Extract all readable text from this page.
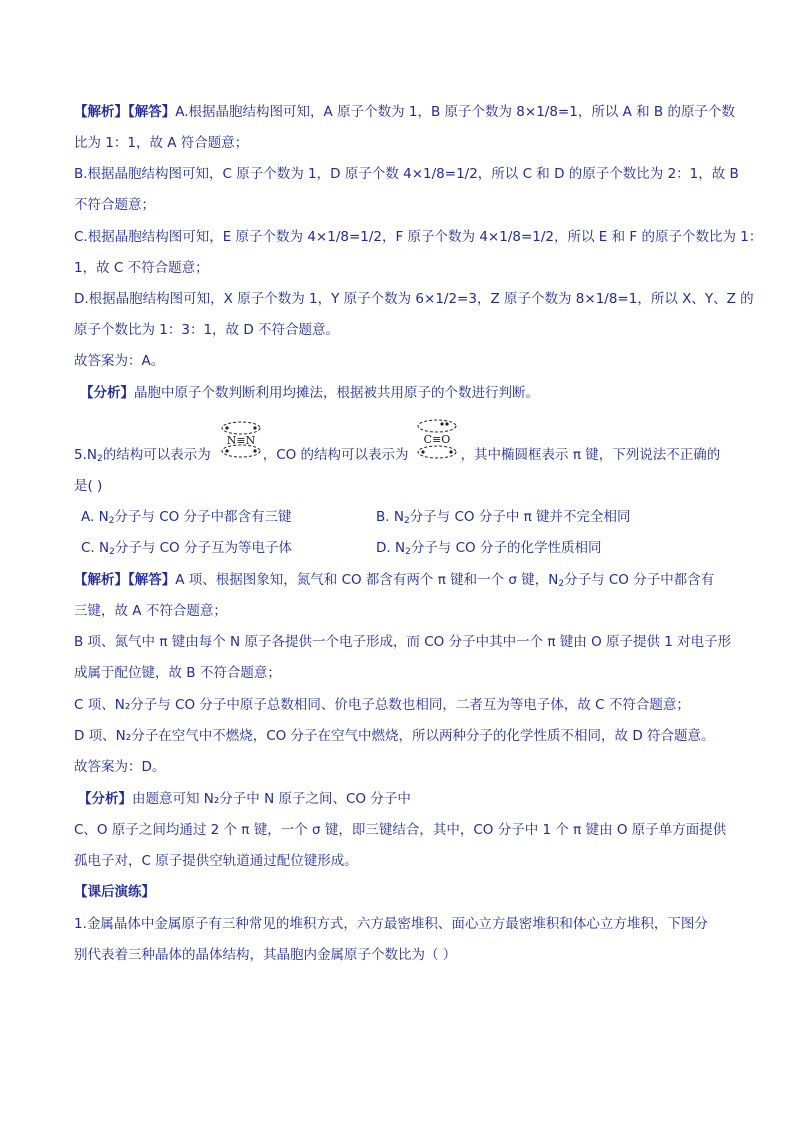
【解析】【解答】A.根据晶胞结构图可知，A 原子个数为 1，B 原子个数为 8×1/8=1，所以 A 和 B 的原子个数
比为 1：1，故 A 符合题意；
B.根据晶胞结构图可知，C 原子个数为 1，D 原子个数 4×1/8=1/2，所以 C 和 D 的原子个数比为 2：1，故 B
不符合题意；
C.根据晶胞结构图可知，E 原子个数为 4×1/8=1/2，F 原子个数为 4×1/8=1/2，所以 E 和 F 的原子个数比为 1：
1，故 C 不符合题意；
D.根据晶胞结构图可知，X 原子个数为 1，Y 原子个数为 6×1/2=3，Z 原子个数为 8×1/8=1，所以 X、Y、Z 的
原子个数比为 1：3：1，故 D 不符合题意。
故答案为：A。
【分析】晶胞中原子个数判断利用均摊法，根据被共用原子的个数进行判断。
$5.N_2$的结构可以表示为	，CO 的结构可以表示为	，其中椭圆框表示 π 键，下列说法不正确的
N≡N	C≡O
是( )
A. $N_2$分子与 CO 分子中都含有三键	B. $N_2$分子与 CO 分子中 π 键并不完全相同
C. $N_2$分子与 CO 分子互为等电子体	D. $N_2$分子与 CO 分子的化学性质相同
【解析】【解答】A 项、根据图象知，氮气和 CO 都含有两个 π 键和一个 σ 键，$N_2$分子与 CO 分子中都含有
三键，故 A 不符合题意；
B 项、氮气中 π 键由每个 N 原子各提供一个电子形成，而 CO 分子中其中一个 π 键由 O 原子提供 1 对电子形
成属于配位键，故 B 不符合题意；
C 项、N₂分子与 CO 分子中原子总数相同、价电子总数也相同，二者互为等电子体，故 C 不符合题意；
D 项、N₂分子在空气中不燃烧，CO 分子在空气中燃烧，所以两种分子的化学性质不相同，故 D 符合题意。
故答案为：D。
【分析】由题意可知 N₂分子中 N 原子之间、CO 分子中
C、O 原子之间均通过 2 个 π 键，一个 σ 键，即三键结合，其中，CO 分子中 1 个 π 键由 O 原子单方面提供
孤电子对，C 原子提供空轨道通过配位键形成。
【课后演练】
1.金属晶体中金属原子有三种常见的堆积方式，六方最密堆积、面心立方最密堆积和体心立方堆积，下图分
别代表着三种晶体的晶体结构，其晶胞内金属原子个数比为（ ）
